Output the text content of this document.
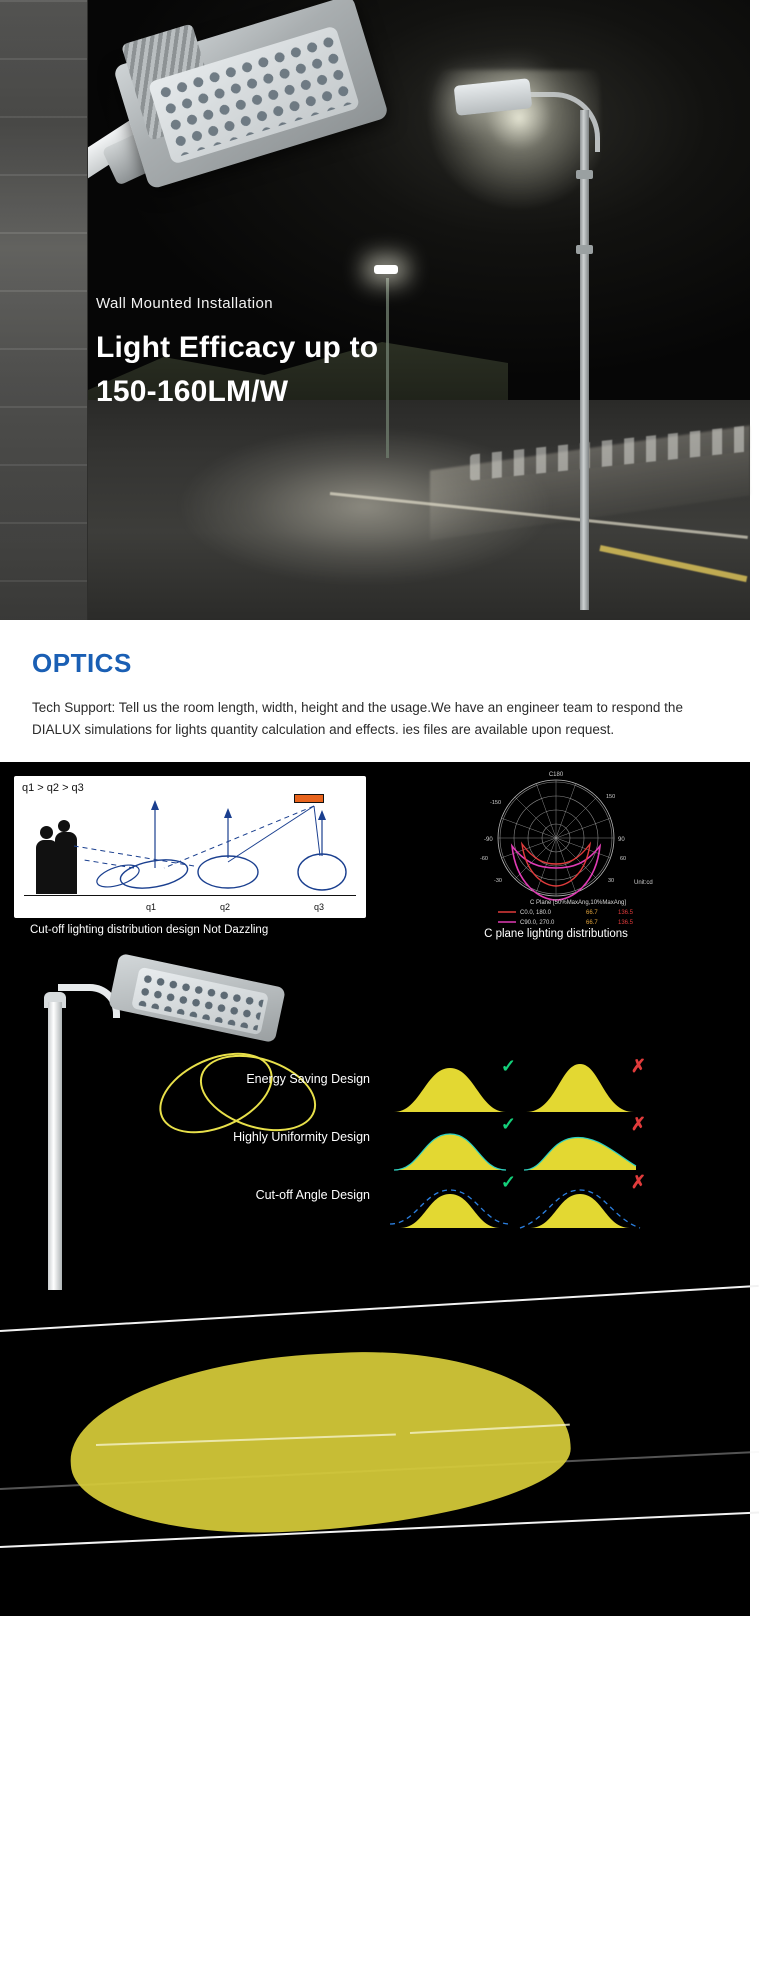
Wall Mounted Installation
Light Efficacy up to
150-160LM/W
OPTICS

Tech Support: Tell us the room length, width, height and the usage.We have an engineer team to respond the DIALUX simulations for lights quantity calculation and effects. ies files are available upon request.

q1 > q2 > q3
q1	q2	q3
Cut-off lighting distribution design Not Dazzling
C180
90
-90
-150
150
-30	30
60
-60
Unit:cd
C Plane [50%MaxAng,10%MaxAng]
C0.0, 180.0	66.7	136.5
C90.0, 270.0	66.7	136.5
C plane lighting distributions
Energy Saving Design
✓	✗
Highly Uniformity Design
✓	✗
Cut-off Angle Design
✓	✗
